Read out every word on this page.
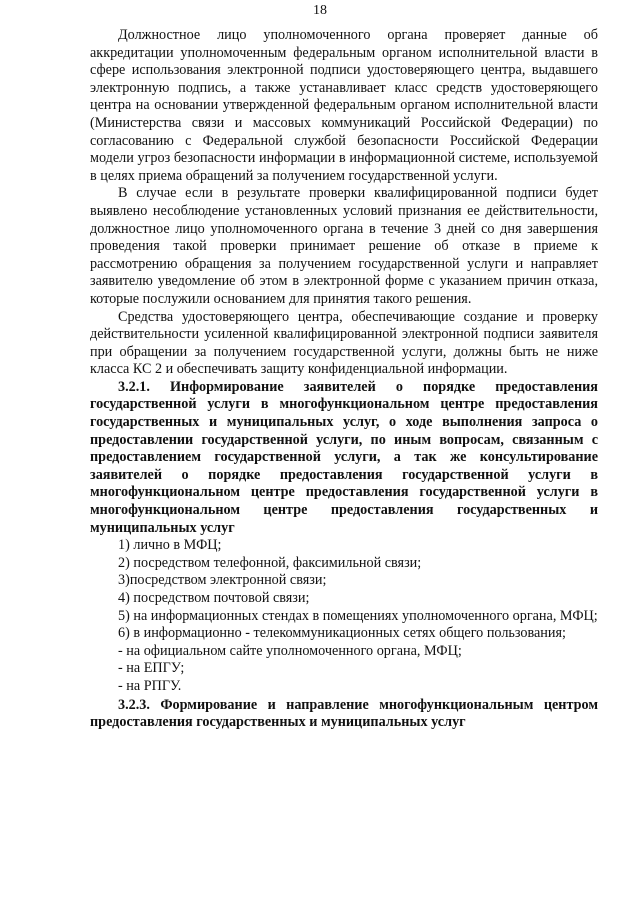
18

Должностное лицо уполномоченного органа проверяет данные об аккредитации уполномоченным федеральным органом исполнительной власти в сфере использования электронной подписи удостоверяющего центра, выдавшего электронную подпись, а также устанавливает класс средств удостоверяющего центра на основании утвержденной федеральным органом исполнительной власти (Министерства связи и массовых коммуникаций Российской Федерации) по согласованию с Федеральной службой безопасности Российской Федерации модели угроз безопасности информации в информационной системе, используемой в целях приема обращений за получением государственной услуги.

В случае если в результате проверки квалифицированной подписи будет выявлено несоблюдение установленных условий признания ее действительности, должностное лицо уполномоченного органа в течение 3 дней со дня завершения проведения такой проверки принимает решение об отказе в приеме к рассмотрению обращения за получением государственной услуги и направляет заявителю уведомление об этом в электронной форме с указанием причин отказа, которые послужили основанием для принятия такого решения.

Средства удостоверяющего центра, обеспечивающие создание и проверку действительности усиленной квалифицированной электронной подписи заявителя при обращении за получением государственной услуги, должны быть не ниже класса КС 2 и обеспечивать защиту конфиденциальной информации.

3.2.1. Информирование заявителей о порядке предоставления государственной услуги в многофункциональном центре предоставления государственных и муниципальных услуг, о ходе выполнения запроса о предоставлении государственной услуги, по иным вопросам, связанным с предоставлением государственной услуги, а так же консультирование заявителей о порядке предоставления государственной услуги в многофункциональном центре предоставления государственной услуги в многофункциональном центре предоставления государственных и муниципальных услуг

1) лично в МФЦ;

2) посредством телефонной, факсимильной связи;

3)посредством электронной связи;

4) посредством почтовой связи;

5) на информационных стендах в помещениях уполномоченного органа, МФЦ;

6) в информационно - телекоммуникационных сетях общего пользования;

- на официальном сайте уполномоченного органа, МФЦ;

- на ЕПГУ;

- на РПГУ.

3.2.3. Формирование и направление многофункциональным центром предоставления государственных и муниципальных услуг
